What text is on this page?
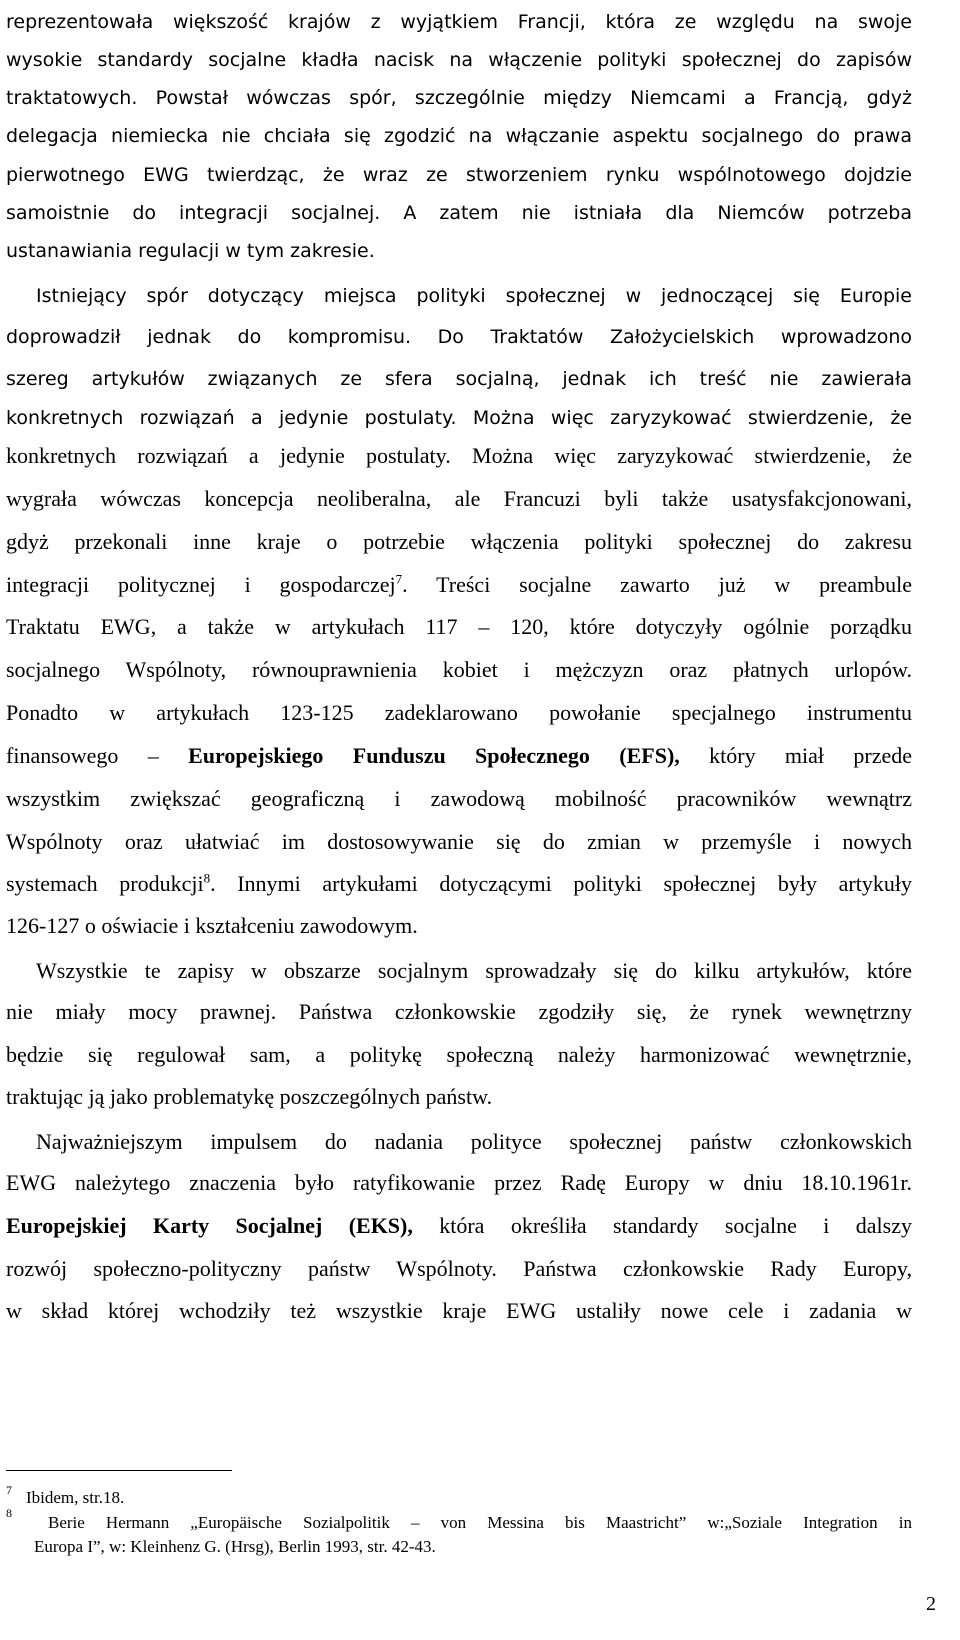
reprezentowała większość krajów z wyjątkiem Francji, która ze względu na swoje

wysokie standardy socjalne kładła nacisk na włączenie polityki społecznej do zapisów

traktatowych. Powstał wówczas spór, szczególnie między Niemcami a Francją, gdyż

delegacja niemiecka nie chciała się zgodzić na włączanie aspektu socjalnego do prawa

pierwotnego EWG twierdząc, że wraz ze stworzeniem rynku wspólnotowego dojdzie

samoistnie do integracji socjalnej. A zatem nie istniała dla Niemców potrzeba

ustanawiania regulacji w tym zakresie.

Istniejący spór dotyczący miejsca polityki społecznej w jednoczącej się Europie

doprowadził jednak do kompromisu. Do Traktatów Założycielskich wprowadzono

szereg artykułów związanych ze sfera socjalną, jednak ich treść nie zawierała

konkretnych rozwiązań a jedynie postulaty. Można więc zaryzykować stwierdzenie, że

konkretnych rozwiązań a jedynie postulaty. Można więc zaryzykować stwierdzenie, że

wygrała wówczas koncepcja neoliberalna, ale Francuzi byli także usatysfakcjonowani,

gdyż przekonali inne kraje o potrzebie włączenia polityki społecznej do zakresu

integracji politycznej i gospodarczej$^7$. Treści socjalne zawarto już w preambule

Traktatu EWG, a także w artykułach 117 – 120, które dotyczyły ogólnie porządku

socjalnego Wspólnoty, równouprawnienia kobiet i mężczyzn oraz płatnych urlopów.

Ponadto w artykułach 123-125 zadeklarowano powołanie specjalnego instrumentu

finansowego – Europejskiego Funduszu Społecznego (EFS), który miał przede

wszystkim zwiększać geograficzną i zawodową mobilność pracowników wewnątrz

Wspólnoty oraz ułatwiać im dostosowywanie się do zmian w przemyśle i nowych

systemach produkcji$^8$. Innymi artykułami dotyczącymi polityki społecznej były artykuły

126-127 o oświacie i kształceniu zawodowym.

Wszystkie te zapisy w obszarze socjalnym sprowadzały się do kilku artykułów, które

nie miały mocy prawnej. Państwa członkowskie zgodziły się, że rynek wewnętrzny

będzie się regulował sam, a politykę społeczną należy harmonizować wewnętrznie,

traktując ją jako problematykę poszczególnych państw.

Najważniejszym impulsem do nadania polityce społecznej państw członkowskich

EWG należytego znaczenia było ratyfikowanie przez Radę Europy w dniu 18.10.1961r.

Europejskiej Karty Socjalnej (EKS), która określiła standardy socjalne i dalszy

rozwój społeczno-polityczny państw Wspólnoty. Państwa członkowskie Rady Europy,

w skład której wchodziły też wszystkie kraje EWG ustaliły nowe cele i zadania w

7 Ibidem, str.18.

8 Berie Hermann „Europäische Sozialpolitik – von Messina bis Maastricht” w:„Soziale Integration in

Europa I”, w: Kleinhenz G. (Hrsg), Berlin 1993, str. 42-43.

2
